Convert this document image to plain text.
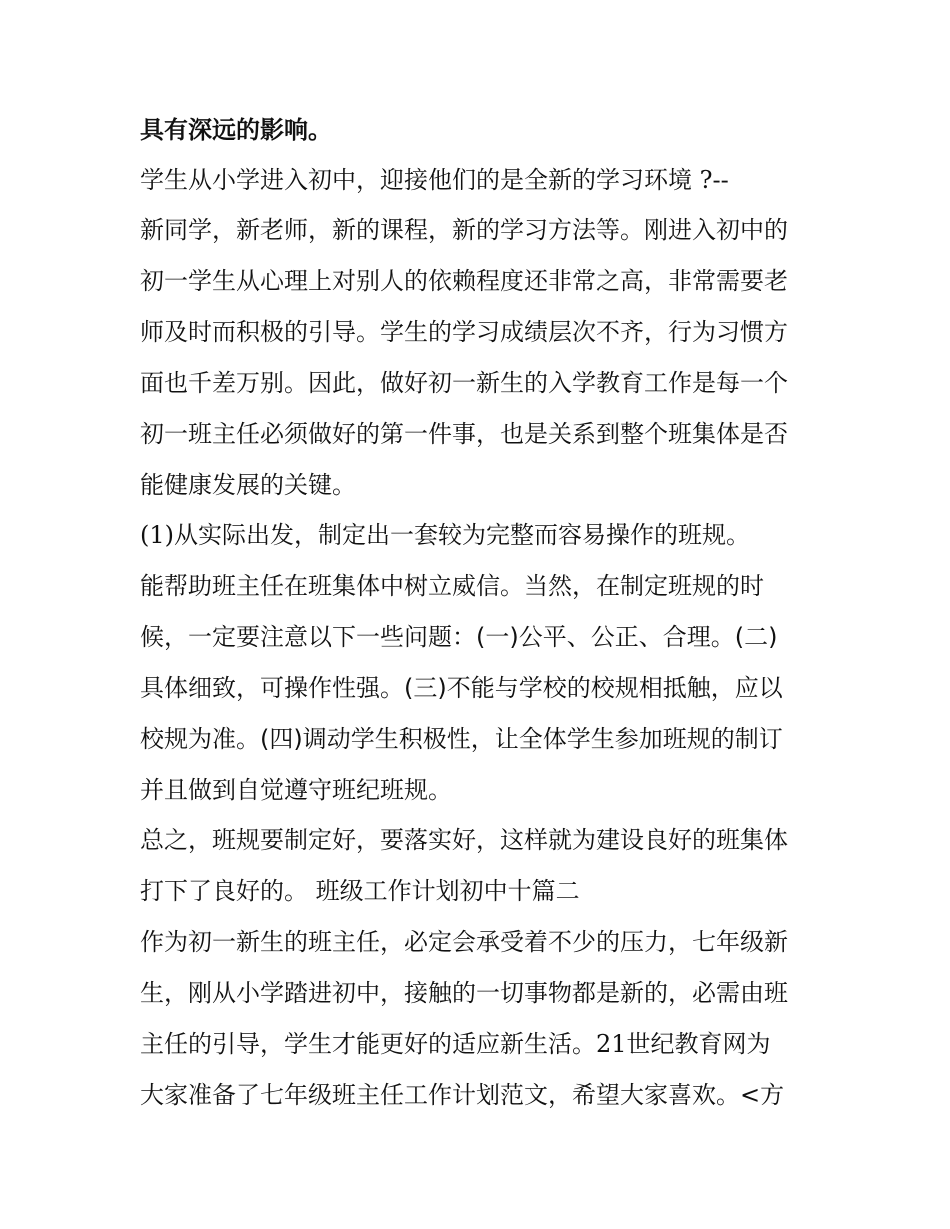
具有深远的影响。
学生从小学进入初中，迎接他们的是全新的学习环境 ?--
新同学，新老师，新的课程，新的学习方法等。刚进入初中的
初一学生从心理上对别人的依赖程度还非常之高，非常需要老
师及时而积极的引导。学生的学习成绩层次不齐，行为习惯方
面也千差万别。因此，做好初一新生的入学教育工作是每一个
初一班主任必须做好的第一件事，也是关系到整个班集体是否
能健康发展的关键。
(1)从实际出发，制定出一套较为完整而容易操作的班规。
能帮助班主任在班集体中树立威信。当然，在制定班规的时
候，一定要注意以下一些问题：(一)公平、公正、合理。(二)
具体细致，可操作性强。(三)不能与学校的校规相抵触，应以
校规为准。(四)调动学生积极性，让全体学生参加班规的制订
并且做到自觉遵守班纪班规。
总之，班规要制定好，要落实好，这样就为建设良好的班集体
打下了良好的。 班级工作计划初中十篇二
作为初一新生的班主任，必定会承受着不少的压力，七年级新
生，刚从小学踏进初中，接触的一切事物都是新的，必需由班
主任的引导，学生才能更好的适应新生活。21世纪教育网为
大家准备了七年级班主任工作计划范文，希望大家喜欢。<方
